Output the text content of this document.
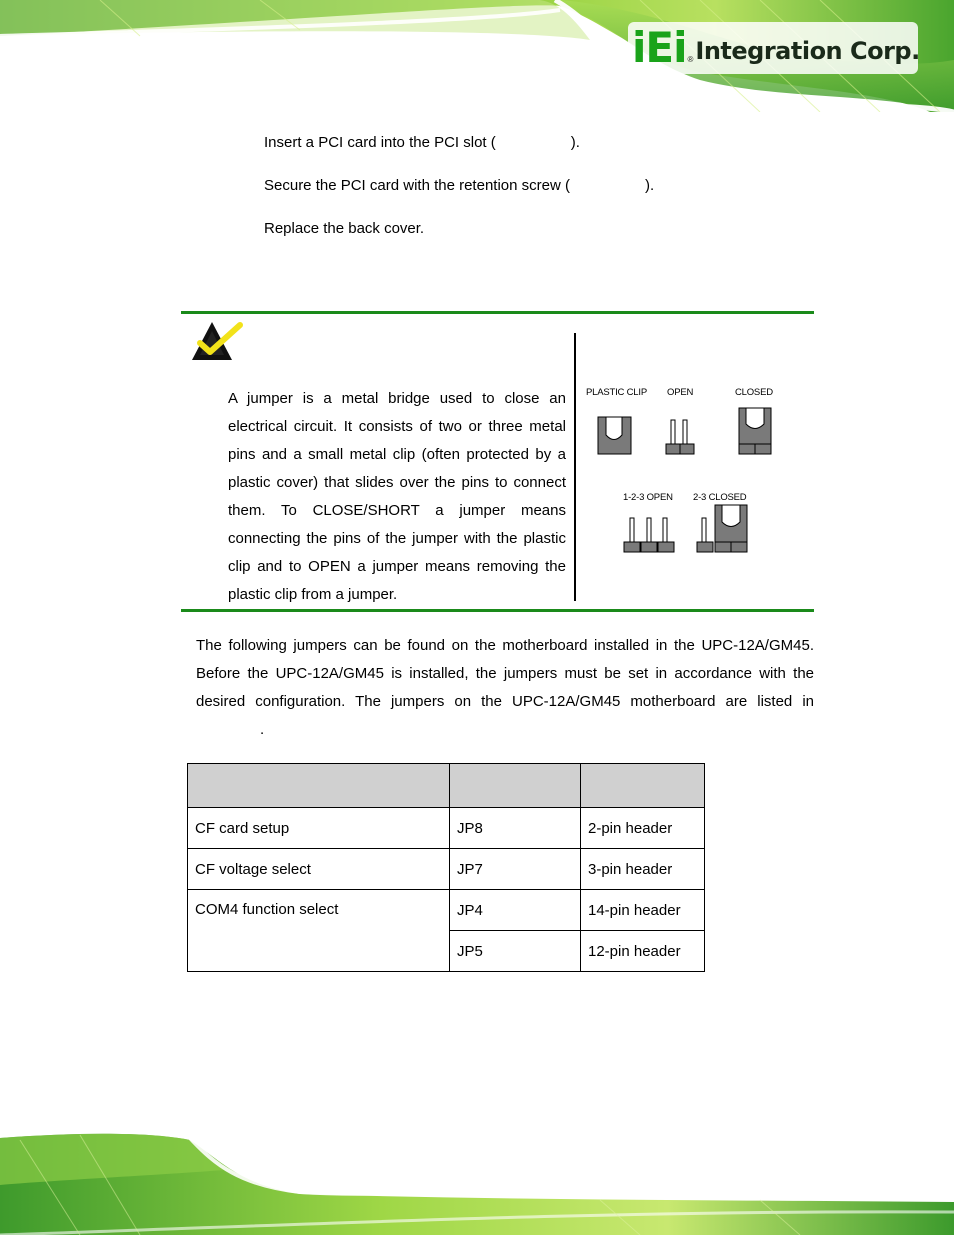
iEi ® Integration Corp.
Insert a PCI card into the PCI slot (	).
Secure the PCI card with the retention screw (	).
Replace the back cover.
A jumper is a metal bridge used to close an electrical circuit. It consists of two or three metal pins and a small metal clip (often protected by a plastic cover) that slides over the pins to connect them. To CLOSE/SHORT a jumper means connecting the pins of the jumper with the plastic clip and to OPEN a jumper means removing the plastic clip from a jumper.
PLASTIC CLIP OPEN	CLOSED
1-2-3 OPEN 2-3 CLOSED
The following jumpers can be found on the motherboard installed in the UPC-12A/GM45.
Before the UPC-12A/GM45 is installed, the jumpers must be set in accordance with the
desired configuration. The jumpers on the UPC-12A/GM45 motherboard are listed in
.

CF card setup	JP8	2-pin header
CF voltage select	JP7	3-pin header
COM4 function select	JP4	14-pin header
	JP5	12-pin header
